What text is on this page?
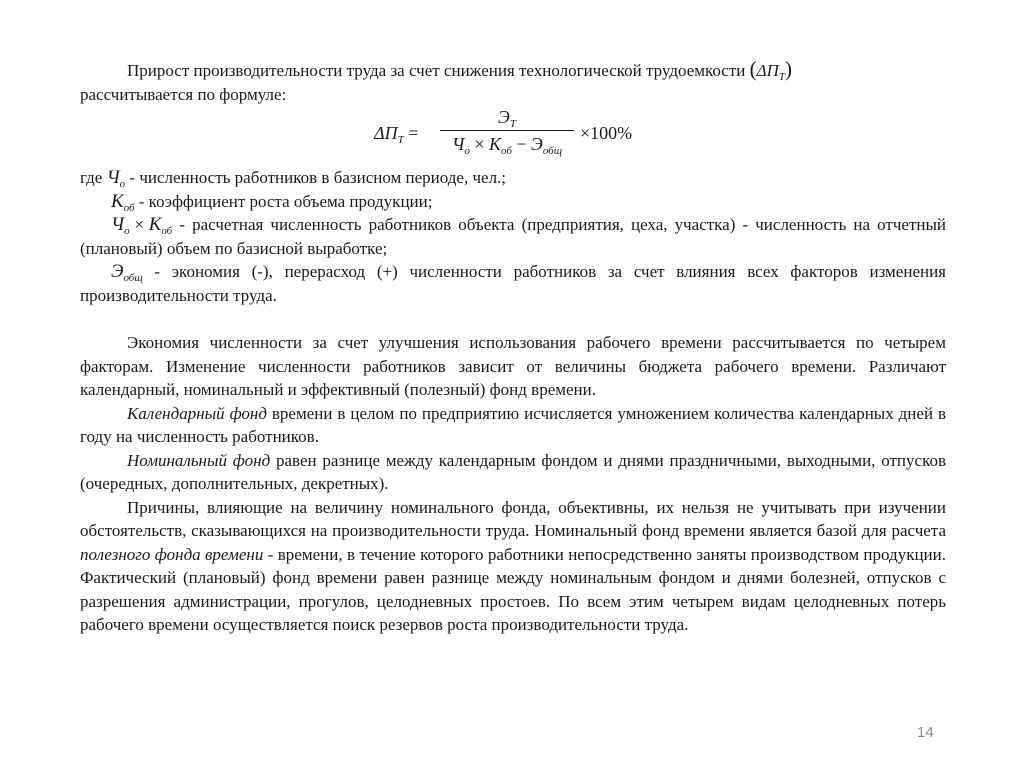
Прирост производительности труда за счет снижения технологической трудоемкости $(\Delta П_Т)$

рассчитывается по формуле:

$\Delta П_Т$ =
$Э_Т$
$Ч_о \times К_{об} - Э_{общ}$
×100%

где $Ч_о$ - численность работников в базисном периоде, чел.;

$К_{об}$ - коэффициент роста объема продукции;

$Ч_о \times К_{об}$ - расчетная численность работников объекта (предприятия, цеха, участка) - численность на отчетный (плановый) объем по базисной выработке;

$Э_{общ}$ - экономия (-), перерасход (+) численности работников за счет влияния всех факторов изменения производительности труда.

Экономия численности за счет улучшения использования рабочего времени рассчитывается по четырем факторам. Изменение численности работников зависит от величины бюджета рабочего времени. Различают календарный, номинальный и эффективный (полезный) фонд времени.

Календарный фонд времени в целом по предприятию исчисляется умножением количества календарных дней в году на численность работников.

Номинальный фонд равен разнице между календарным фондом и днями праздничными, выходными, отпусков (очередных, дополнительных, декретных).

Причины, влияющие на величину номинального фонда, объективны, их нельзя не учитывать при изучении обстоятельств, сказывающихся на производительности труда. Номинальный фонд времени является базой для расчета полезного фонда времени - времени, в течение которого работники непосредственно заняты производством продукции. Фактический (плановый) фонд времени равен разнице между номинальным фондом и днями болезней, отпусков с разрешения администрации, прогулов, целодневных простоев. По всем этим четырем видам целодневных потерь рабочего времени осуществляется поиск резервов роста производительности труда.

14
